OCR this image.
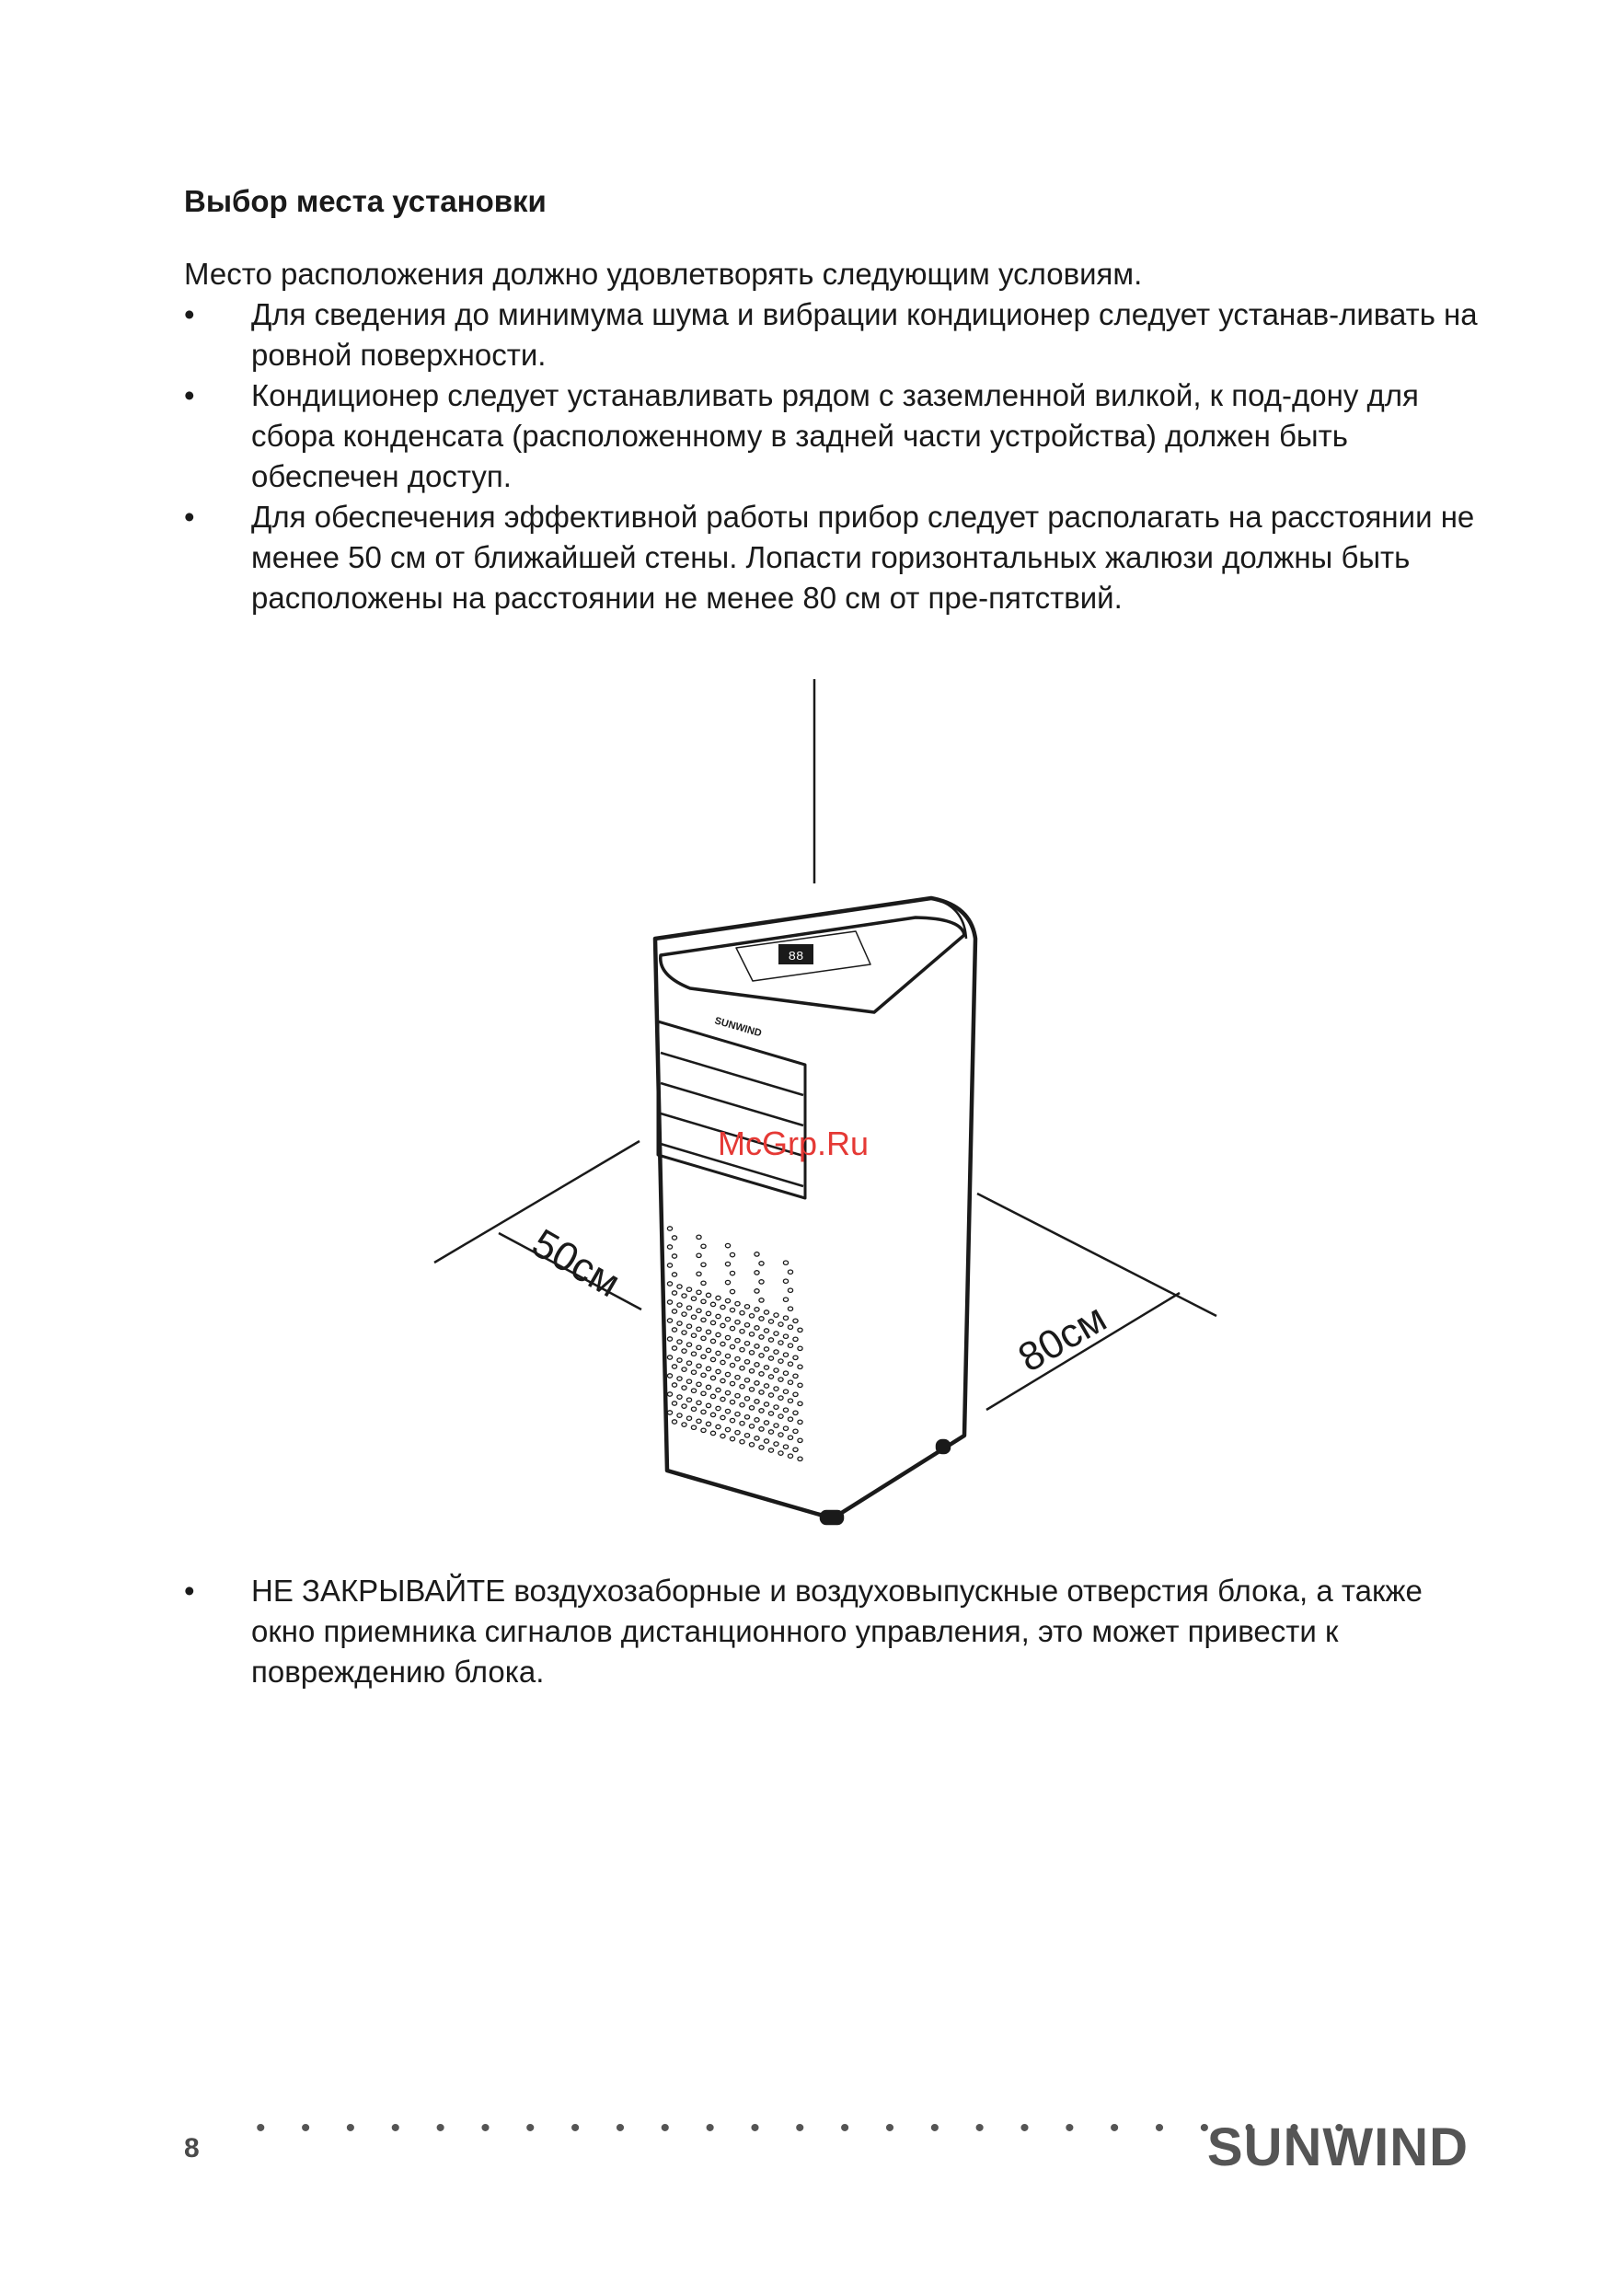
Выбор места установки

Место расположения должно удовлетворять следующим условиям.

• Для сведения до минимума шума и вибрации кондиционер следует устанав-ливать на ровной поверхности.
• Кондиционер следует устанавливать рядом с заземленной вилкой, к под-дону для сбора конденсата (расположенному в задней части устройства) должен быть обеспечен доступ.
• Для обеспечения эффективной работы прибор следует располагать на расстоянии не менее 50 см от ближайшей стены. Лопасти горизонтальных жалюзи должны быть расположены на расстоянии не менее 80 см от пре-пятствий.
88
SUNWIND
50см
80см
McGrp.Ru
• НЕ ЗАКРЫВАЙТЕ воздухозаборные и воздуховыпускные отверстия блока, а также окно приемника сигналов дистанционного управления, это может привести к повреждению блока.
8
• • • • • • • • • • • • • • • • • • • • • • • • •
SUNWIND
